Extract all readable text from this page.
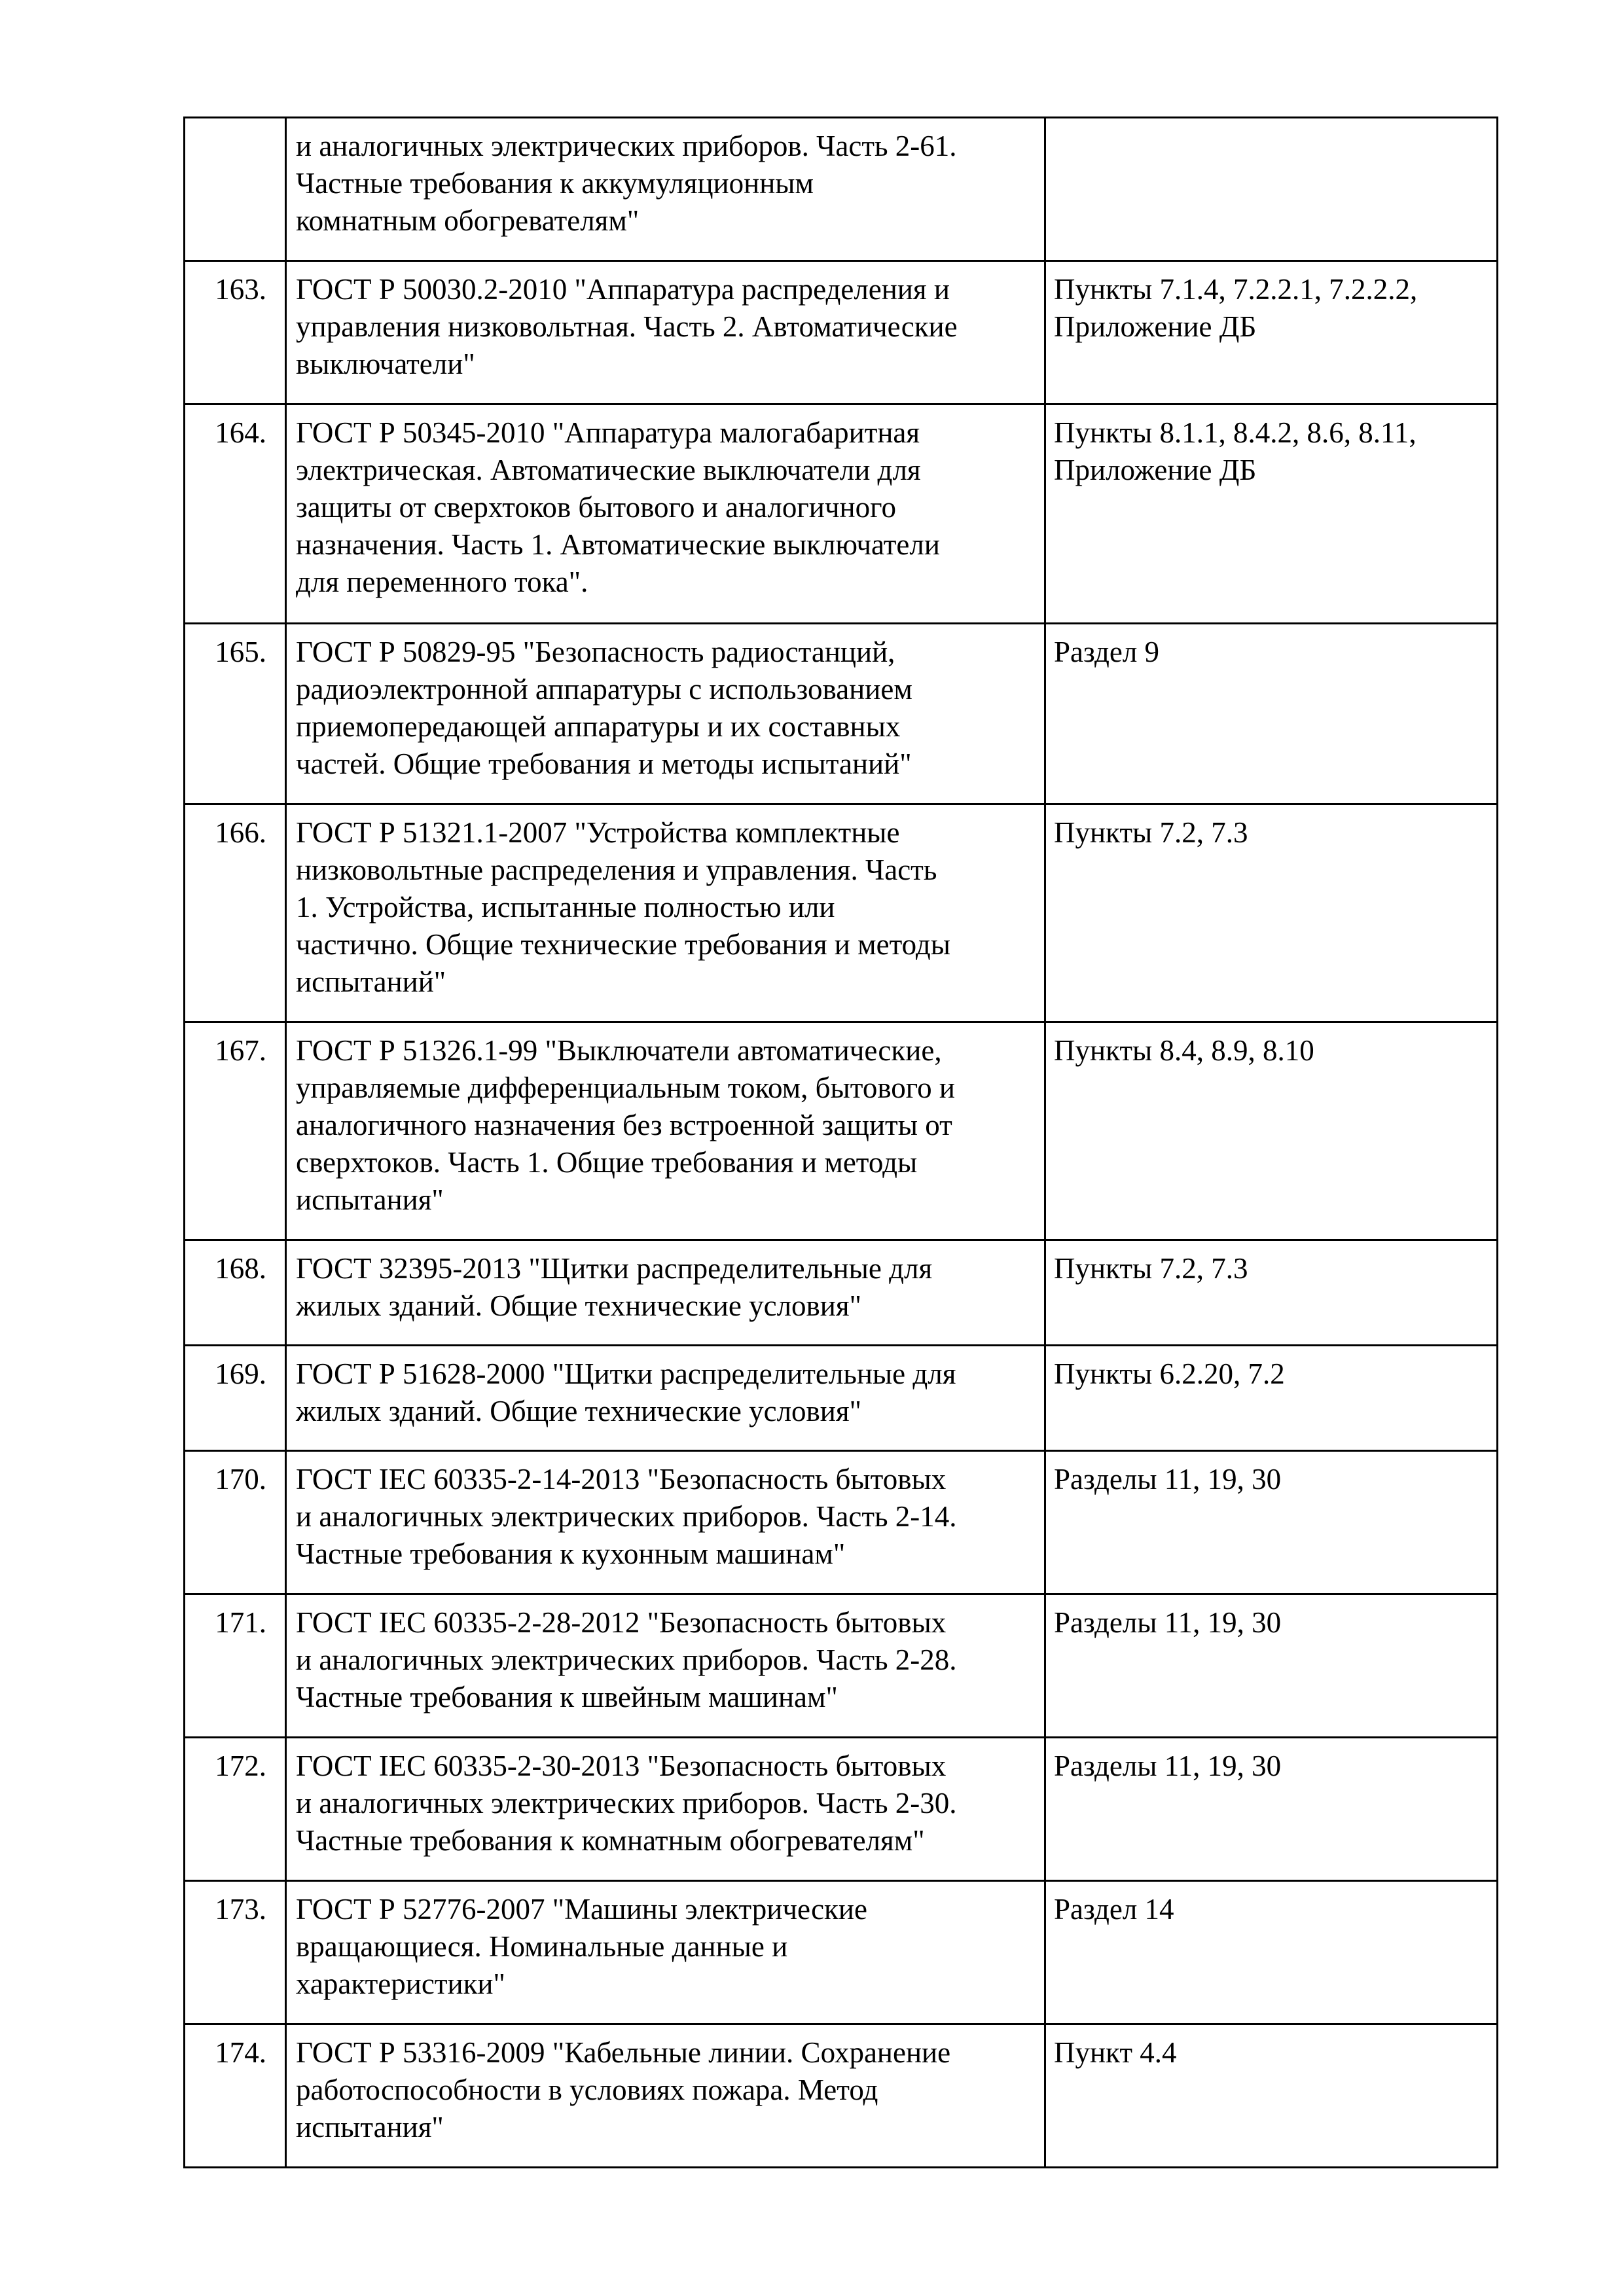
	и аналогичных электрических приборов. Часть 2-61.
Частные требования к аккумуляционным
комнатным обогревателям"	

163.	ГОСТ Р 50030.2-2010 "Аппаратура распределения и
управления низковольтная. Часть 2. Автоматические
выключатели"	Пункты 7.1.4, 7.2.2.1, 7.2.2.2,
Приложение ДБ

164.	ГОСТ Р 50345-2010 "Аппаратура малогабаритная
электрическая. Автоматические выключатели для
защиты от сверхтоков бытового и аналогичного
назначения. Часть 1. Автоматические выключатели
для переменного тока".	Пункты 8.1.1, 8.4.2, 8.6, 8.11,
Приложение ДБ

165.	ГОСТ Р 50829-95 "Безопасность радиостанций,
радиоэлектронной аппаратуры с использованием
приемопередающей аппаратуры и их составных
частей. Общие требования и методы испытаний"	Раздел 9

166.	ГОСТ Р 51321.1-2007 "Устройства комплектные
низковольтные распределения и управления. Часть
1. Устройства, испытанные полностью или
частично. Общие технические требования и методы
испытаний"	Пункты 7.2, 7.3

167.	ГОСТ Р 51326.1-99 "Выключатели автоматические,
управляемые дифференциальным током, бытового и
аналогичного назначения без встроенной защиты от
сверхтоков. Часть 1. Общие требования и методы
испытания"	Пункты 8.4, 8.9, 8.10

168.	ГОСТ 32395-2013 "Щитки распределительные для
жилых зданий. Общие технические условия"	Пункты 7.2, 7.3

169.	ГОСТ Р 51628-2000 "Щитки распределительные для
жилых зданий. Общие технические условия"	Пункты 6.2.20, 7.2

170.	ГОСТ IEC 60335-2-14-2013 "Безопасность бытовых
и аналогичных электрических приборов. Часть 2-14.
Частные требования к кухонным машинам"	Разделы 11, 19, 30

171.	ГОСТ IEC 60335-2-28-2012 "Безопасность бытовых
и аналогичных электрических приборов. Часть 2-28.
Частные требования к швейным машинам"	Разделы 11, 19, 30

172.	ГОСТ IEC 60335-2-30-2013 "Безопасность бытовых
и аналогичных электрических приборов. Часть 2-30.
Частные требования к комнатным обогревателям"	Разделы 11, 19, 30

173.	ГОСТ Р 52776-2007 "Машины электрические
вращающиеся. Номинальные данные и
характеристики"	Раздел 14

174.	ГОСТ Р 53316-2009 "Кабельные линии. Сохранение
работоспособности в условиях пожара. Метод
испытания"	Пункт 4.4
